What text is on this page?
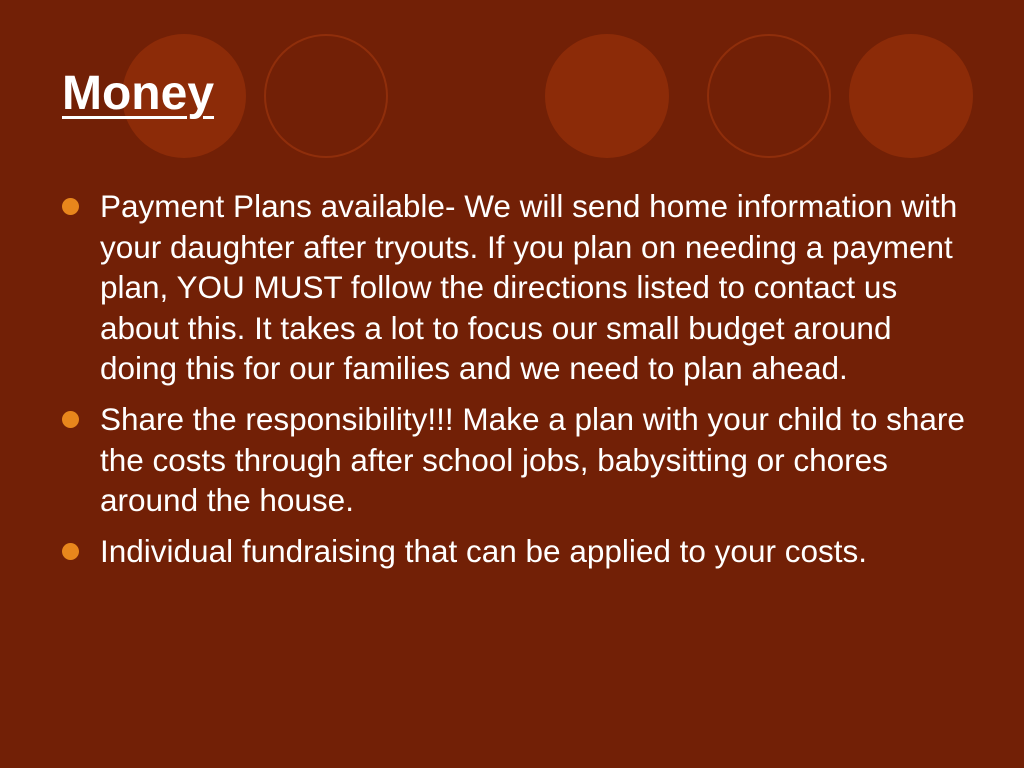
Money
Payment Plans available- We will send home information with your daughter after tryouts. If you plan on needing a payment plan, YOU MUST follow the directions listed to contact us about this. It takes a lot to focus our small budget around doing this for our families and we need to plan ahead.
Share the responsibility!!! Make a plan with your child to share the costs through after school jobs, babysitting or chores around the house.
Individual fundraising that can be applied to your costs.
